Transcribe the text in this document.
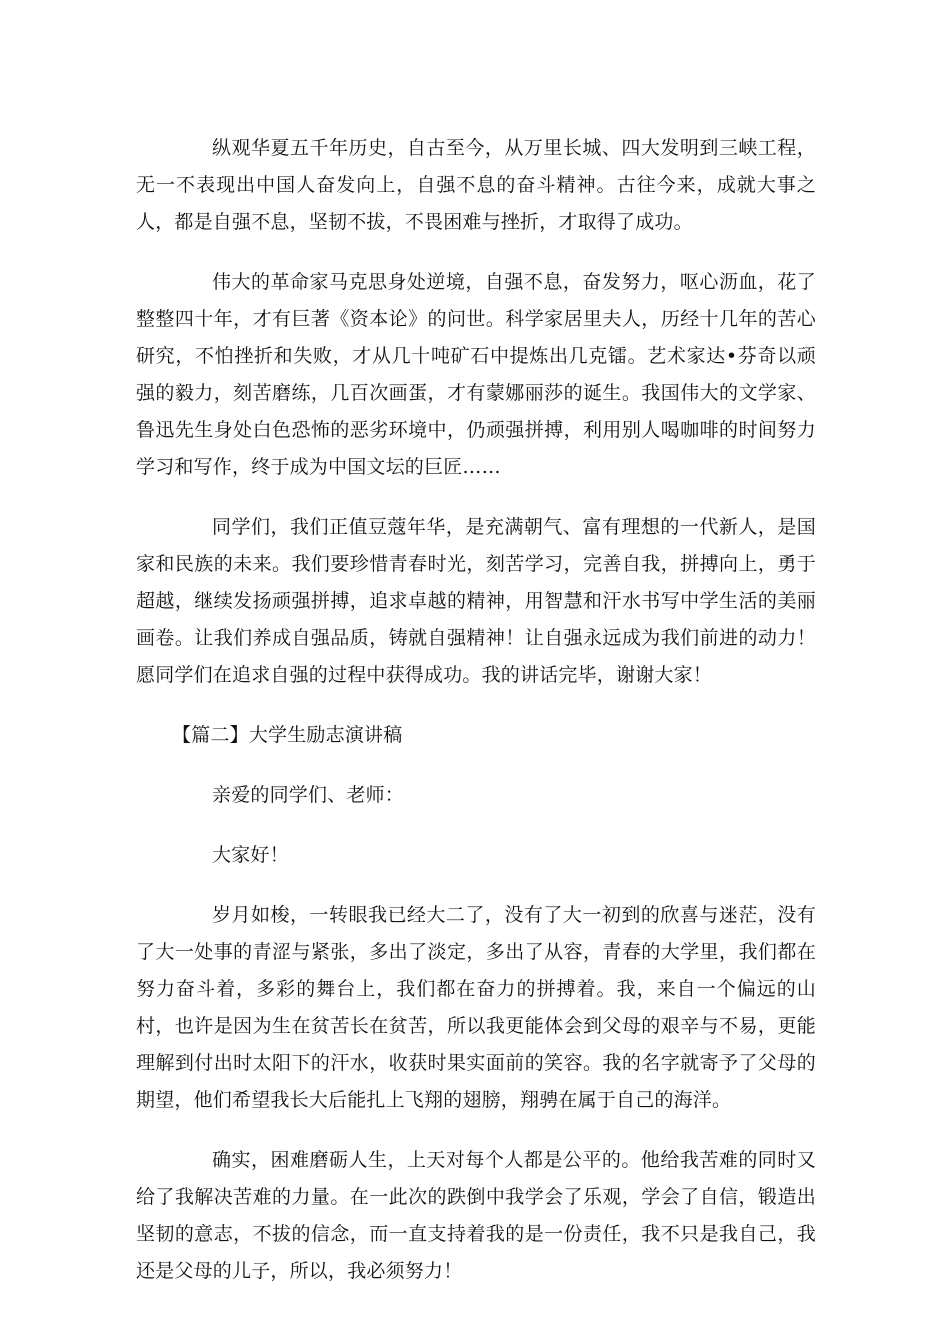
纵观华夏五千年历史，自古至今，从万里长城、四大发明到三峡工程，无一不表现出中国人奋发向上，自强不息的奋斗精神。古往今来，成就大事之人，都是自强不息，坚韧不拔，不畏困难与挫折，才取得了成功。

伟大的革命家马克思身处逆境，自强不息，奋发努力，呕心沥血，花了整整四十年，才有巨著《资本论》的问世。科学家居里夫人，历经十几年的苦心研究，不怕挫折和失败，才从几十吨矿石中提炼出几克镭。艺术家达•芬奇以顽强的毅力，刻苦磨练，几百次画蛋，才有蒙娜丽莎的诞生。我国伟大的文学家、鲁迅先生身处白色恐怖的恶劣环境中，仍顽强拼搏，利用别人喝咖啡的时间努力学习和写作，终于成为中国文坛的巨匠……

同学们，我们正值豆蔻年华，是充满朝气、富有理想的一代新人，是国家和民族的未来。我们要珍惜青春时光，刻苦学习，完善自我，拼搏向上，勇于超越，继续发扬顽强拼搏，追求卓越的精神，用智慧和汗水书写中学生活的美丽画卷。让我们养成自强品质，铸就自强精神！让自强永远成为我们前进的动力！愿同学们在追求自强的过程中获得成功。我的讲话完毕，谢谢大家！

【篇二】大学生励志演讲稿

亲爱的同学们、老师：

大家好！

岁月如梭，一转眼我已经大二了，没有了大一初到的欣喜与迷茫，没有了大一处事的青涩与紧张，多出了淡定，多出了从容，青春的大学里，我们都在努力奋斗着，多彩的舞台上，我们都在奋力的拼搏着。我，来自一个偏远的山村，也许是因为生在贫苦长在贫苦，所以我更能体会到父母的艰辛与不易，更能理解到付出时太阳下的汗水，收获时果实面前的笑容。我的名字就寄予了父母的期望，他们希望我长大后能扎上飞翔的翅膀，翔骋在属于自己的海洋。

确实，困难磨砺人生，上天对每个人都是公平的。他给我苦难的同时又给了我解决苦难的力量。在一此次的跌倒中我学会了乐观，学会了自信，锻造出坚韧的意志，不拔的信念，而一直支持着我的是一份责任，我不只是我自己，我还是父母的儿子，所以，我必须努力！
